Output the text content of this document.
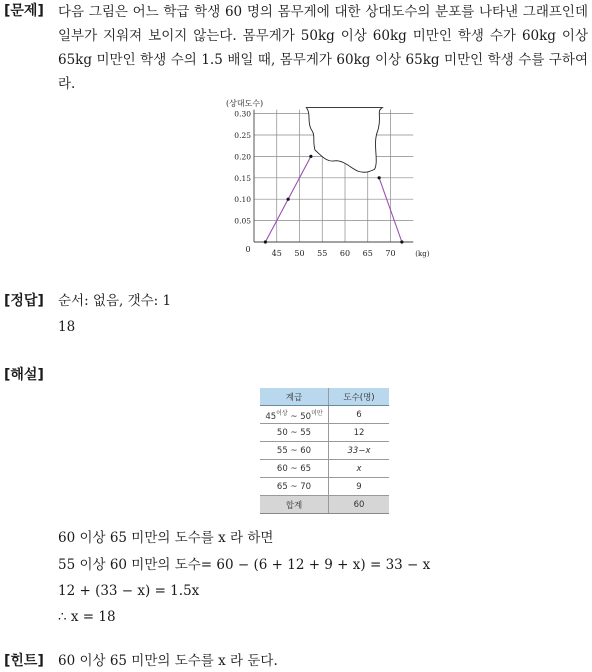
[문제] 다음 그림은 어느 학급 학생 60 명의 몸무게에 대한 상대도수의 분포를 나타낸 그래프인데 일부가 지워져 보이지 않는다. 몸무게가 50kg 이상 60kg 미만인 학생 수가 60kg 이상 65kg 미만인 학생 수의 1.5 배일 때, 몸무게가 60kg 이상 65kg 미만인 학생 수를 구하여라.
(상대도수)
0.30
0.25
0.20
0.15
0.10
0.05
0	45 50 55 60 65 70	(kg)
[정답] 순서: 없음, 갯수: 1
18
[해설]
계급	도수(명)
$45^{이상}$ ~ $50^{미만}$	6
50 ~ 55	12
55 ~ 60	33−x
60 ~ 65	x
65 ~ 70	9
합계	60
60 이상 65 미만의 도수를 x 라 하면
55 이상 60 미만의 도수= 60 − (6 + 12 + 9 + x) = 33 − x
12 + (33 − x) = 1.5x
∴ x = 18
[힌트] 60 이상 65 미만의 도수를 x 라 둔다.
